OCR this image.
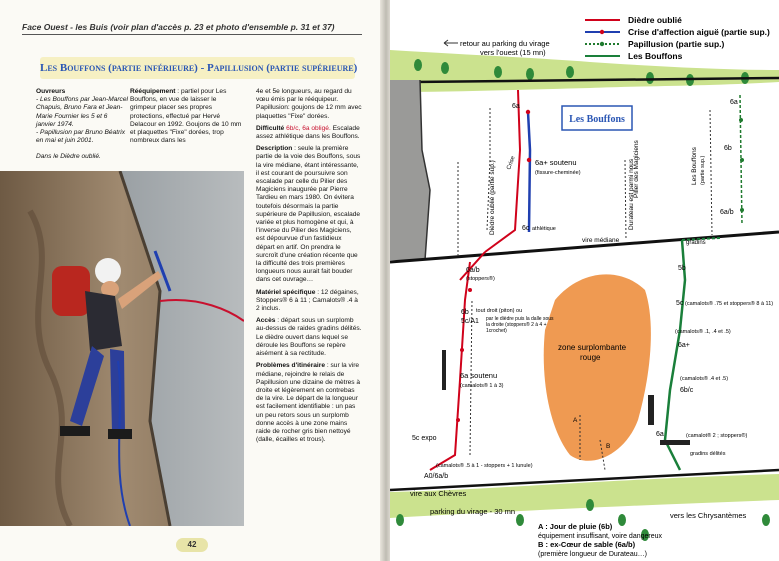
Face Ouest - les Buis (voir plan d'accès p. 23 et photo d'ensemble p. 31 et 37)
Les Bouffons (partie inférieure) - Papillusion (partie supérieure)

Ouvreurs
- Les Bouffons par Jean-Marcel Chapuis, Bruno Fara et Jean-Marie Fournier les 5 et 6 janvier 1974.
- Papillusion par Bruno Béatrix en mai et juin 2001.

Dans le Dièdre oublié.

Rééquipement : partiel pour Les Bouffons, en vue de laisser le grimpeur placer ses propres protections, effectué par Hervé Delacour en 1992. Goujons de 10 mm et plaquettes "Fixe" dorées, trop nombreux dans les

4e et 5e longueurs, au regard du vœu émis par le rééquipeur. Papillusion: goujons de 12 mm avec plaquettes "Fixe" dorées.

Difficulté 6b/c, 6a obligé. Escalade assez athlétique dans les Bouffons.

Description : seule la première partie de la voie des Bouffons, sous la vire médiane, étant intéressante, il est courant de poursuivre son escalade par celle du Pilier des Magiciens inaugurée par Pierre Tardieu en mars 1980. On évitera toutefois désormais la partie supérieure de Papillusion, escalade variée et plus homogène et qui, à l'inverse du Pilier des Magiciens, est dépourvue d'un fastidieux départ en artif. On prendra le surcroît d'une création récente que la difficulté des trois premières longueurs nous aurait fait bouder dans cet ouvrage…

Matériel spécifique : 12 dégaines, Stoppers® 6 à 11 ; Camalots® .4 à 2 inclus.

Accès : départ sous un surplomb au-dessus de raides gradins délités. Le dièdre ouvert dans lequel se déroule les Bouffons se repère aisément à sa rectitude.

Problèmes d'itinéraire : sur la vire médiane, rejoindre le relais de Papillusion une dizaine de mètres à droite et légèrement en contrebas de la vire. Le départ de la longueur est facilement identifiable : un pas un peu retors sous un surplomb donne accès à une zone mains raide de rocher gris bien nettoyé (dalle, écailles et trous).

42
Dièdre oublié
Crise d'affection aiguë (partie sup.)
Papillusion (partie sup.)
Les Bouffons
retour au parking du virage
vers l'ouest (15 mn)
Les Bouffons
vire médiane
Dièdre oublié (partie sup.)	Durateau est parmi nous
Pilier des Magiciens	Les Bouffons (partie sup.)
Crise
6a
6a+ soutenu
(fissure-cheminée)
6c athlétique
6a
6b
6a/b
zone surplombante
rouge
A
B
6a/b
(stoppers®)
6b tout droit (piton) ou
5c/A1 par le dièdre puis la dalle sous la droite (stoppers® 2 à 4 + 1crochet)
6a soutenu
(camalots® 1 à 3)
5c expo
(camalots® .5 à 1 - stoppers + 1 lunule)
A0/6a/b
gradins
5b
5c (camalots® .75 et stoppers® 8 à 11)
(camalots® .1, .4 et .5)
6a+
(camalots® .4 et .5)
6b/c
6a	(camalot® 2 ; stoppers®)
gradins délités
vire aux Chèvres
parking du virage - 30 mn	vers les Chrysantèmes
A : Jour de pluie (6b)
équipement insuffisant, voire dangereux
B : ex-Cœur de sable (6a/b)
(première longueur de Durateau…)
